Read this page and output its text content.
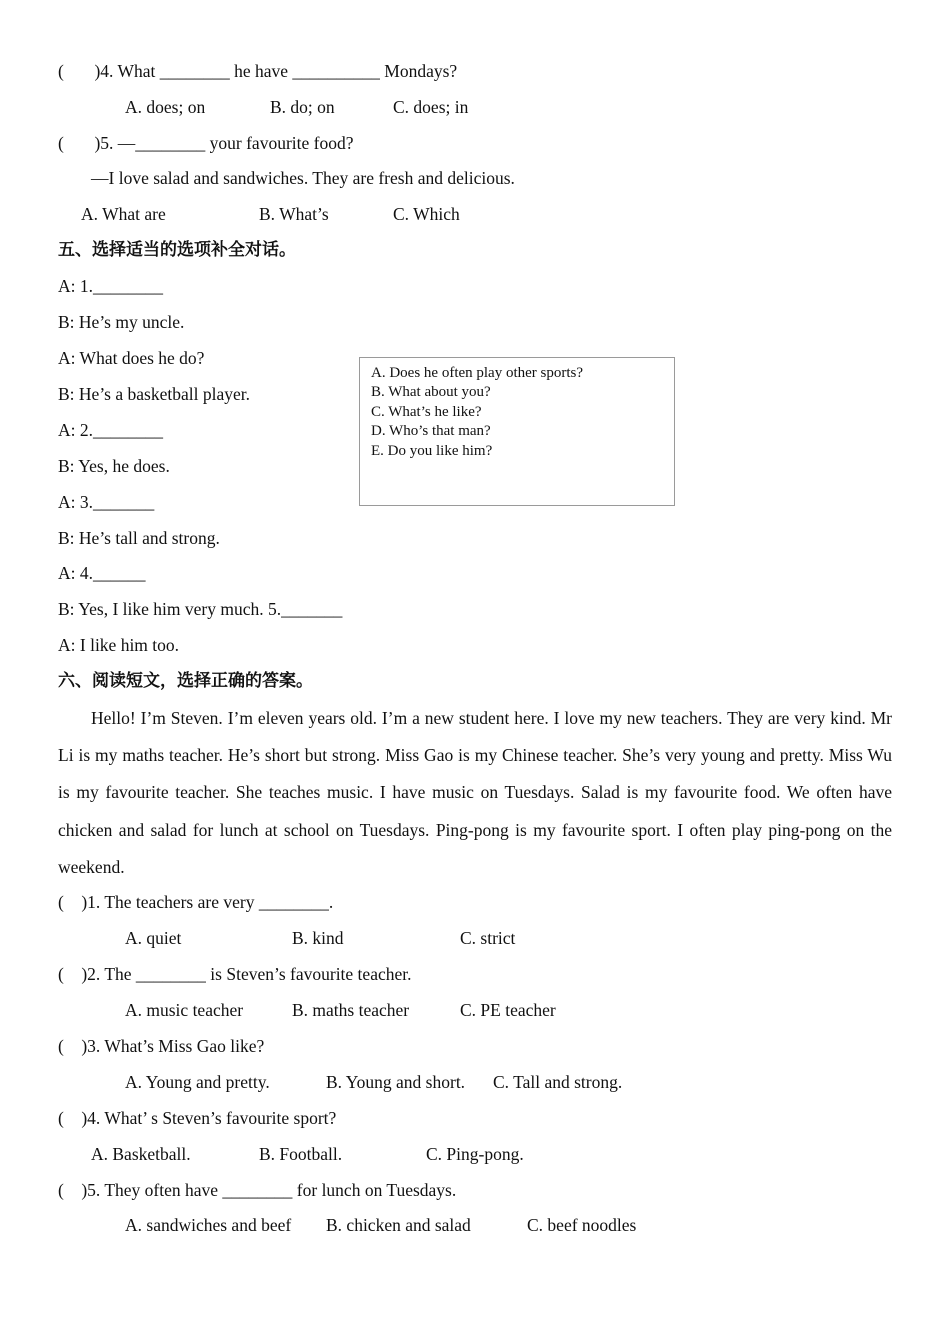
(       )4. What ________ he have __________ Mondays?
A. does; on	B. do; on	C. does; in
(       )5. —________ your favourite food?
—I love salad and sandwiches. They are fresh and delicious.
A. What are	B. What’s	C. Which
五、选择适当的选项补全对话。
A: 1.________
B: He’s my uncle.
A: What does he do?
B: He’s a basketball player.
A: 2.________
B: Yes, he does.
A: 3._______
B: He’s tall and strong.
A: 4.______
B: Yes, I like him very much. 5._______
A: I like him too.
A. Does he often play other sports?
B. What about you?
C. What’s he like?
D. Who’s that man?
E. Do you like him?
六、阅读短文，选择正确的答案。

Hello! I’m Steven. I’m eleven years old. I’m a new student here. I love my new teachers. They are very kind. Mr Li is my maths teacher. He’s short but strong. Miss Gao is my Chinese teacher. She’s very young and pretty. Miss Wu is my favourite teacher. She teaches music. I have music on Tuesdays. Salad is my favourite food. We often have chicken and salad for lunch at school on Tuesdays. Ping-pong is my favourite sport. I often play ping-pong on the weekend.

(    )1. The teachers are very ________.
A. quiet	B. kind	C. strict
(    )2. The ________ is Steven’s favourite teacher.
A. music teacher	B. maths teacher	C. PE teacher
(    )3. What’s Miss Gao like?
A. Young and pretty.	B. Young and short. C. Tall and strong.
(    )4. What’ s Steven’s favourite sport?
A. Basketball.	B. Football.	C. Ping-pong.
(    )5. They often have ________ for lunch on Tuesdays.
A. sandwiches and beef B. chicken and salad	C. beef noodles
